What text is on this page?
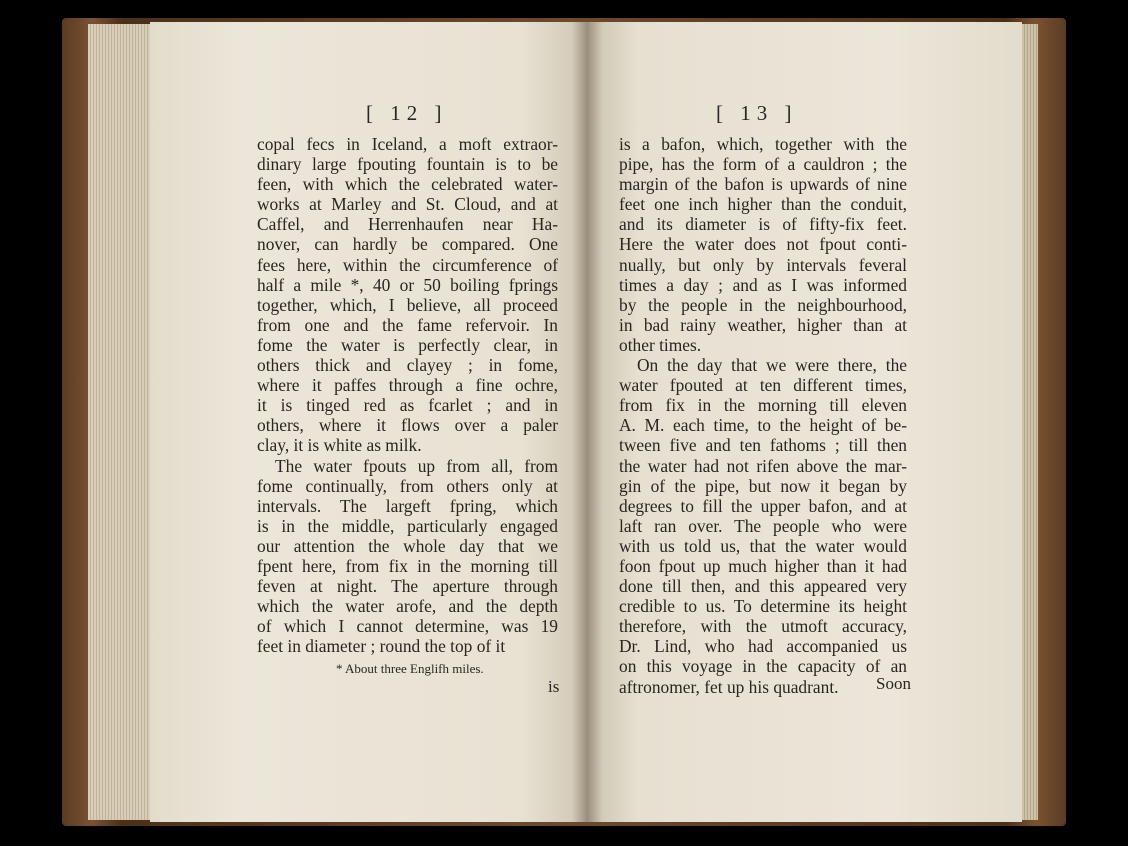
[ 12 ]	[ 13 ]
copal fecs in Iceland, a moft extraor-
dinary large fpouting fountain is to be
feen, with which the celebrated water-
works at Marley and St. Cloud, and at
Caffel, and Herrenhaufen near Ha-
nover, can hardly be compared. One
fees here, within the circumference of
half a mile *, 40 or 50 boiling fprings
together, which, I believe, all proceed
from one and the fame refervoir. In
fome the water is perfectly clear, in
others thick and clayey ; in fome,
where it paffes through a fine ochre,
it is tinged red as fcarlet ; and in
others, where it flows over a paler
clay, it is white as milk.
The water fpouts up from all, from
fome continually, from others only at
intervals. The largeft fpring, which
is in the middle, particularly engaged
our attention the whole day that we
fpent here, from fix in the morning till
feven at night. The aperture through
which the water arofe, and the depth
of which I cannot determine, was 19
feet in diameter ; round the top of it
is a bafon, which, together with the
pipe, has the form of a cauldron ; the
margin of the bafon is upwards of nine
feet one inch higher than the conduit,
and its diameter is of fifty-fix feet.
Here the water does not fpout conti-
nually, but only by intervals feveral
times a day ; and as I was informed
by the people in the neighbourhood,
in bad rainy weather, higher than at
other times.
On the day that we were there, the
water fpouted at ten different times,
from fix in the morning till eleven
A. M. each time, to the height of be-
tween five and ten fathoms ; till then
the water had not rifen above the mar-
gin of the pipe, but now it began by
degrees to fill the upper bafon, and at
laft ran over. The people who were
with us told us, that the water would
foon fpout up much higher than it had
done till then, and this appeared very
credible to us. To determine its height
therefore, with the utmoft accuracy,
Dr. Lind, who had accompanied us
on this voyage in the capacity of an
aftronomer, fet up his quadrant.
* About three Englifh miles.
is	Soon
